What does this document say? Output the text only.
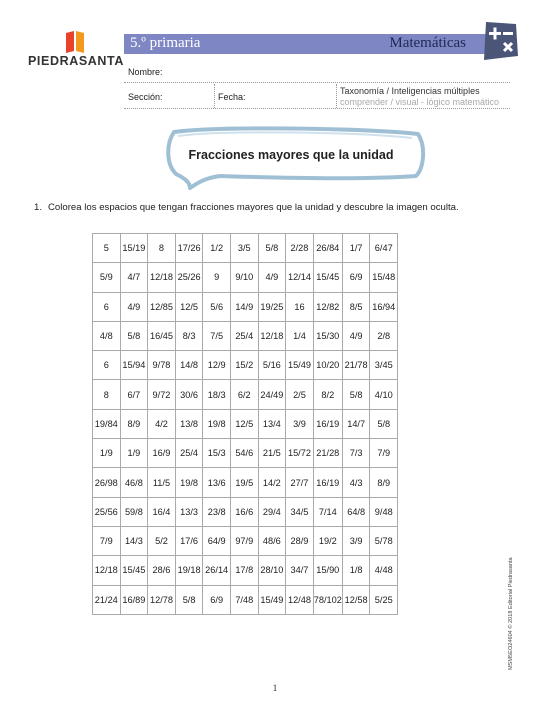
PIEDRASANTA
5.º primaria	Matemáticas
Nombre:
Sección:	Fecha:
Taxonomía / Inteligencias múltiples
comprender / visual - lógico matemático
Fracciones mayores que la unidad
1. Colorea los espacios que tengan fracciones mayores que la unidad y descubre la imagen oculta.
5	15/19	8	17/26	1/2	3/5	5/8	2/28	26/84	1/7	6/47
5/9	4/7	12/18	25/26	9	9/10	4/9	12/14	15/45	6/9	15/48
6	4/9	12/85	12/5	5/6	14/9	19/25	16	12/82	8/5	16/94
4/8	5/8	16/45	8/3	7/5	25/4	12/18	1/4	15/30	4/9	2/8
6	15/94	9/78	14/8	12/9	15/2	5/16	15/49	10/20	21/78	3/45
8	6/7	9/72	30/6	18/3	6/2	24/49	2/5	8/2	5/8	4/10
19/84	8/9	4/2	13/8	19/8	12/5	13/4	3/9	16/19	14/7	5/8
1/9	1/9	16/9	25/4	15/3	54/6	21/5	15/72	21/28	7/3	7/9
26/98	46/8	11/5	19/8	13/6	19/5	14/2	27/7	16/19	4/3	8/9
25/56	59/8	16/4	13/3	23/8	16/6	29/4	34/5	7/14	64/8	9/48
7/9	14/3	5/2	17/6	64/9	97/9	48/6	28/9	19/2	3/9	5/78
12/18	15/45	28/6	19/18	26/14	17/8	28/10	34/7	15/90	1/8	4/48
21/24	16/89	12/78	5/8	6/9	7/48	15/49	12/48	78/102	12/58	5/25	MSM5EO24604 © 2018 Editorial Piedrasanta
1
